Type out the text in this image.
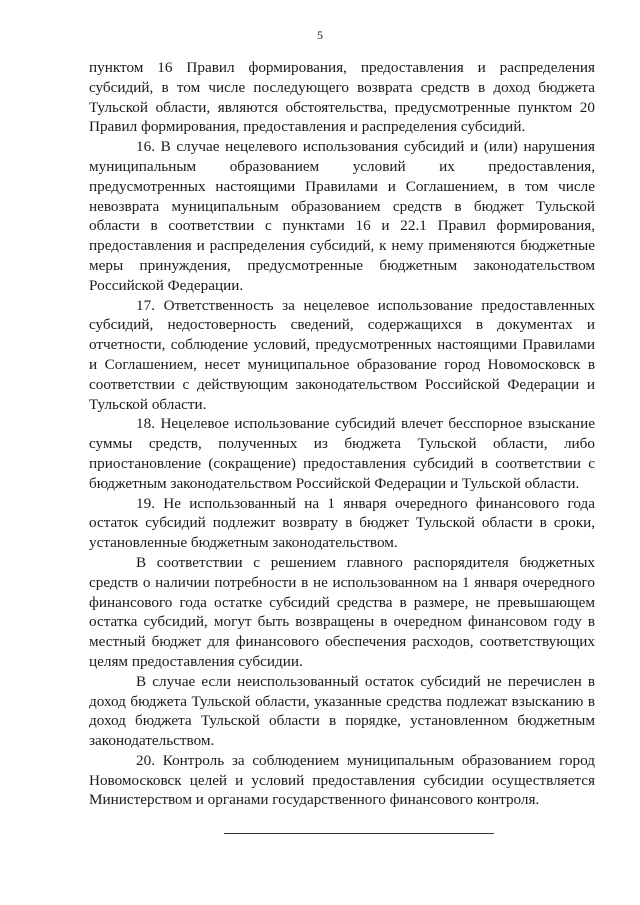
5

пунктом 16 Правил формирования, предоставления и распределения субсидий, в том числе последующего возврата средств в доход бюджета Тульской области, являются обстоятельства, предусмотренные пунктом 20 Правил формирования, предоставления и распределения субсидий.

16. В случае нецелевого использования субсидий и (или) нарушения муниципальным образованием условий их предоставления, предусмотренных настоящими Правилами и Соглашением, в том числе невозврата муниципальным образованием средств в бюджет Тульской области в соответствии с пунктами 16 и 22.1 Правил формирования, предоставления и распределения субсидий, к нему применяются бюджетные меры принуждения, предусмотренные бюджетным законодательством Российской Федерации.

17. Ответственность за нецелевое использование предоставленных субсидий, недостоверность сведений, содержащихся в документах и отчетности, соблюдение условий, предусмотренных настоящими Правилами и Соглашением, несет муниципальное образование город Новомосковск в соответствии с действующим законодательством Российской Федерации и Тульской области.

18. Нецелевое использование субсидий влечет бесспорное взыскание суммы средств, полученных из бюджета Тульской области, либо приостановление (сокращение) предоставления субсидий в соответствии с бюджетным законодательством Российской Федерации и Тульской области.

19. Не использованный на 1 января очередного финансового года остаток субсидий подлежит возврату в бюджет Тульской области в сроки, установленные бюджетным законодательством.

В соответствии с решением главного распорядителя бюджетных средств о наличии потребности в не использованном на 1 января очередного финансового года остатке субсидий средства в размере, не превышающем остатка субсидий, могут быть возвращены в очередном финансовом году в местный бюджет для финансового обеспечения расходов, соответствующих целям предоставления субсидии.

В случае если неиспользованный остаток субсидий не перечислен в доход бюджета Тульской области, указанные средства подлежат взысканию в доход бюджета Тульской области в порядке, установленном бюджетным законодательством.

20. Контроль за соблюдением муниципальным образованием город Новомосковск целей и условий предоставления субсидии осуществляется Министерством и органами государственного финансового контроля.
